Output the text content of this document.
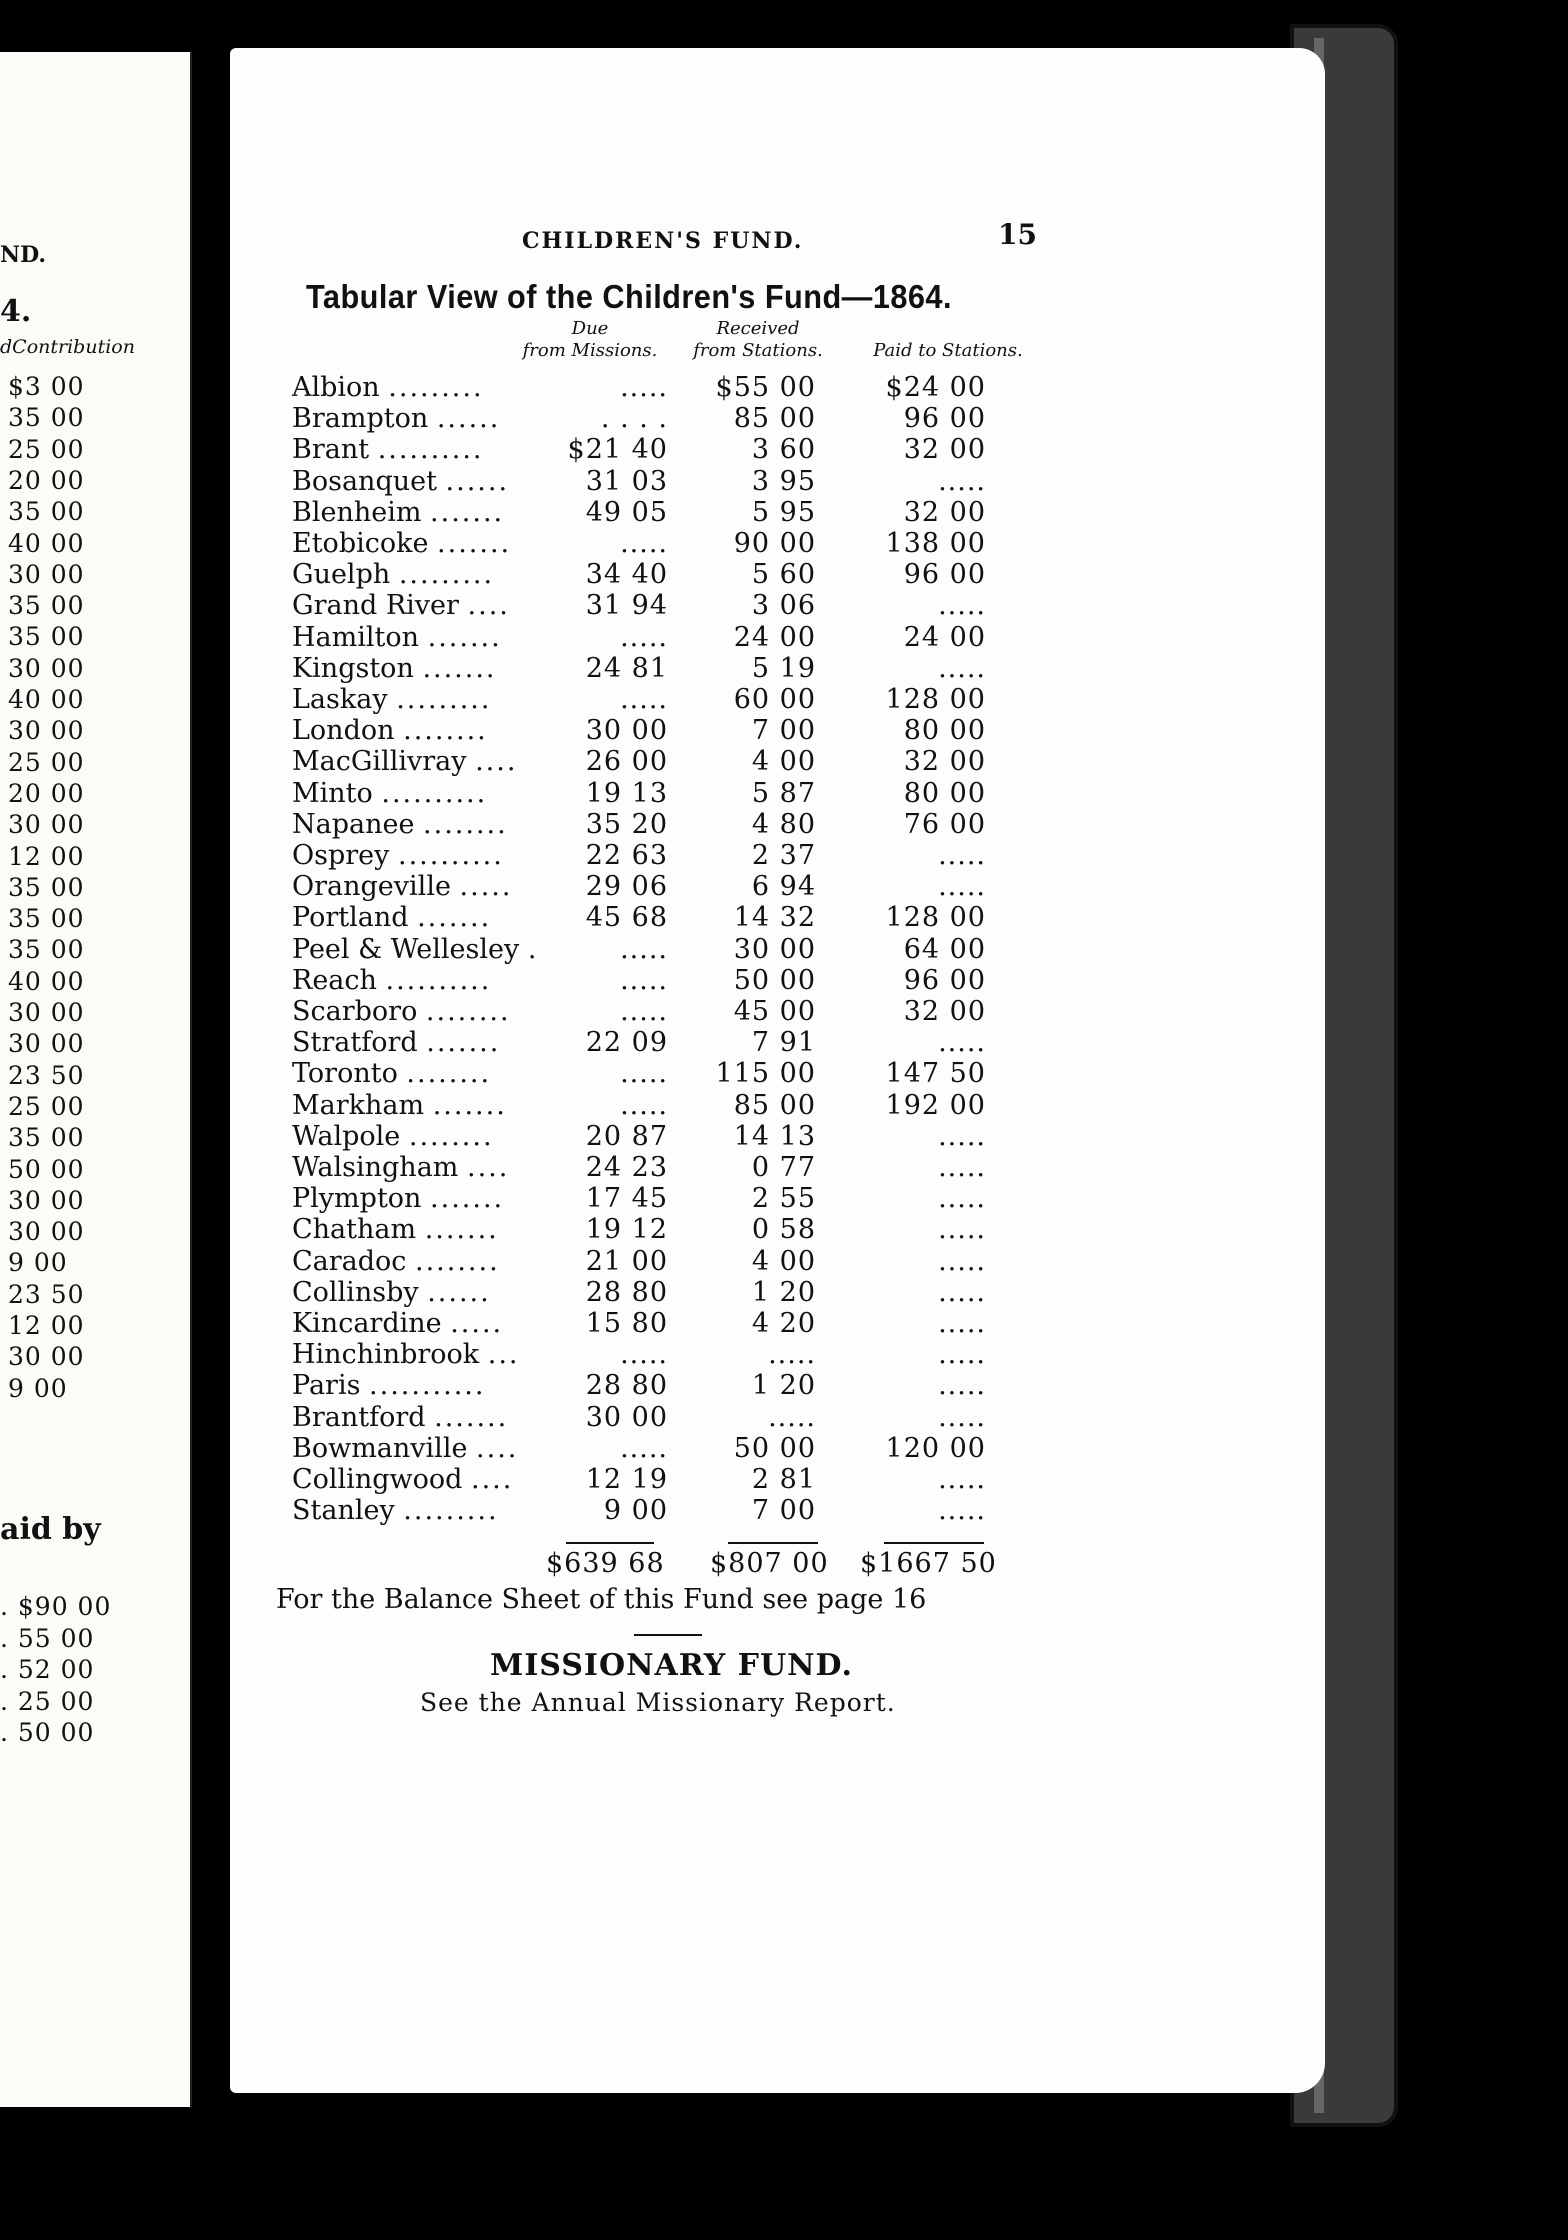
ND.
4.
dContribution
$3 00
35 00
25 00
20 00
35 00
40 00
30 00
35 00
35 00
30 00
40 00
30 00
25 00
20 00
30 00
12 00
35 00
35 00
35 00
40 00
30 00
30 00
23 50
25 00
35 00
50 00
30 00
30 00
9 00
23 50
12 00
30 00
9 00
aid by
. $90 00
. 55 00
. 52 00
. 25 00
. 50 00
CHILDREN'S FUND.	15
Tabular View of the Children's Fund—1864.
Due
from Missions.
Received
from Stations.	Paid to Stations.
Albion .........	.....	$55 00	$24 00
Brampton ......	. . . .	85 00	96 00
Brant ..........	$21 40	3 60	32 00
Bosanquet ......	31 03	3 95	.....
Blenheim .......	49 05	5 95	32 00
Etobicoke .......	.....	90 00	138 00
Guelph .........	34 40	5 60	96 00
Grand River ....	31 94	3 06	.....
Hamilton .......	.....	24 00	24 00
Kingston .......	24 81	5 19	.....
Laskay .........	.....	60 00	128 00
London ........	30 00	7 00	80 00
MacGillivray ....	26 00	4 00	32 00
Minto ..........	19 13	5 87	80 00
Napanee ........	35 20	4 80	76 00
Osprey ..........	22 63	2 37	.....
Orangeville .....	29 06	6 94	.....
Portland .......	45 68	14 32	128 00
Peel & Wellesley .	.....	30 00	64 00
Reach ..........	.....	50 00	96 00
Scarboro ........	.....	45 00	32 00
Stratford .......	22 09	7 91	.....
Toronto ........	.....	115 00	147 50
Markham .......	.....	85 00	192 00
Walpole ........	20 87	14 13	.....
Walsingham ....	24 23	0 77	.....
Plympton .......	17 45	2 55	.....
Chatham .......	19 12	0 58	.....
Caradoc ........	21 00	4 00	.....
Collinsby ......	28 80	1 20	.....
Kincardine .....	15 80	4 20	.....
Hinchinbrook ...	.....	.....	.....
Paris ...........	28 80	1 20	.....
Brantford .......	30 00	.....	.....
Bowmanville ....	.....	50 00	120 00
Collingwood ....	12 19	2 81	.....
Stanley .........	9 00	7 00	.....
$639 68 $807 00 $1667 50
For the Balance Sheet of this Fund see page 16
MISSIONARY FUND.
See the Annual Missionary Report.
